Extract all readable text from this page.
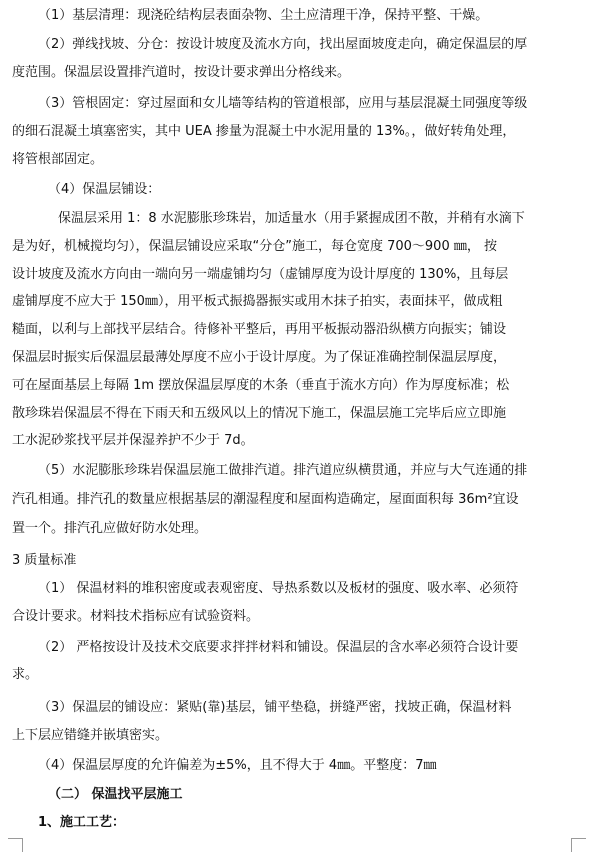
（1）基层清理：现浇砼结构层表面杂物、尘土应清理干净，保持平整、干燥。
（2）弹线找坡、分仓：按设计坡度及流水方向，找出屋面坡度走向，确定保温层的厚
度范围。保温层设置排汽道时，按设计要求弹出分格线来。
（3）管根固定：穿过屋面和女儿墙等结构的管道根部，应用与基层混凝土同强度等级
的细石混凝土填塞密实，其中 UEA 掺量为混凝土中水泥用量的 13%。，做好转角处理，
将管根部固定。
（4）保温层铺设：
保温层采用 1：8 水泥膨胀珍珠岩，加适量水（用手紧握成团不散，并稍有水滴下
是为好，机械搅均匀），保温层铺设应采取“分仓”施工，每仓宽度 700～900 ㎜， 按
设计坡度及流水方向由一端向另一端虚铺均匀（虚铺厚度为设计厚度的 130%，且每层
虚铺厚度不应大于 150㎜），用平板式振捣器振实或用木抹子拍实，表面抹平，做成粗
糙面，以利与上部找平层结合。待修补平整后，再用平板振动器沿纵横方向振实；铺设
保温层时振实后保温层最薄处厚度不应小于设计厚度。为了保证准确控制保温层厚度，
可在屋面基层上每隔 1m 摆放保温层厚度的木条（垂直于流水方向）作为厚度标准；松
散珍珠岩保温层不得在下雨天和五级风以上的情况下施工，保温层施工完毕后应立即施
工水泥砂浆找平层并保湿养护不少于 7d。
（5）水泥膨胀珍珠岩保温层施工做排汽道。排汽道应纵横贯通，并应与大气连通的排
汽孔相通。排汽孔的数量应根据基层的潮湿程度和屋面构造确定，屋面面积每 36m²宜设
置一个。排汽孔应做好防水处理。
3 质量标准
（1） 保温材料的堆积密度或表观密度、导热系数以及板材的强度、吸水率、必须符
合设计要求。材料技术指标应有试验资料。
（2） 严格按设计及技术交底要求拌拌材料和铺设。保温层的含水率必须符合设计要
求。
（3）保温层的铺设应：紧贴(靠)基层，铺平垫稳，拼缝严密，找坡正确，保温材料
上下层应错缝并嵌填密实。
（4）保温层厚度的允许偏差为±5%，且不得大于 4㎜。平整度：7㎜
（二） 保温找平层施工
1、施工工艺：
